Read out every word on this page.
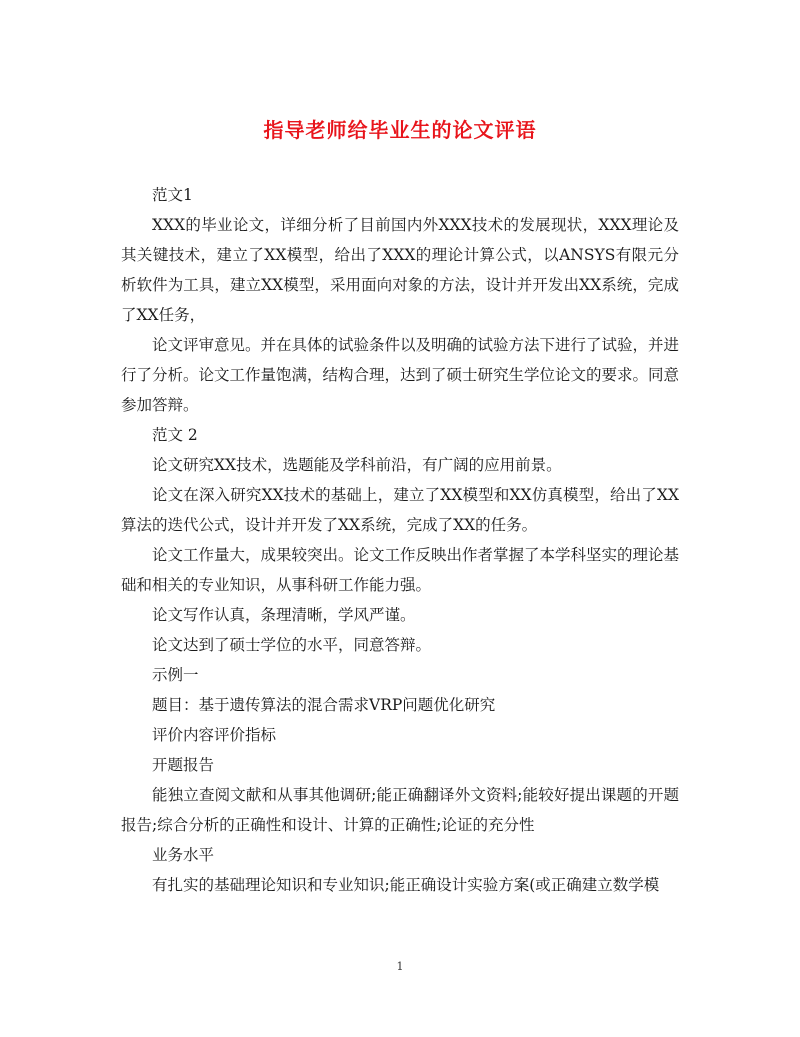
指导老师给毕业生的论文评语

范文1

XXX的毕业论文，详细分析了目前国内外XXX技术的发展现状，XXX理论及其关键技术，建立了XX模型，给出了XXX的理论计算公式，以ANSYS有限元分析软件为工具，建立XX模型，采用面向对象的方法，设计并开发出XX系统，完成了XX任务，

论文评审意见。并在具体的试验条件以及明确的试验方法下进行了试验，并进行了分析。论文工作量饱满，结构合理，达到了硕士研究生学位论文的要求。同意参加答辩。

范文 2

论文研究XX技术，选题能及学科前沿，有广阔的应用前景。

论文在深入研究XX技术的基础上，建立了XX模型和XX仿真模型，给出了XX算法的迭代公式，设计并开发了XX系统，完成了XX的任务。

论文工作量大，成果较突出。论文工作反映出作者掌握了本学科坚实的理论基础和相关的专业知识，从事科研工作能力强。

论文写作认真，条理清晰，学风严谨。

论文达到了硕士学位的水平，同意答辩。

示例一

题目：基于遗传算法的混合需求VRP问题优化研究

评价内容评价指标

开题报告

能独立查阅文献和从事其他调研;能正确翻译外文资料;能较好提出课题的开题报告;综合分析的正确性和设计、计算的正确性;论证的充分性

业务水平

有扎实的基础理论知识和专业知识;能正确设计实验方案(或正确建立数学模

1
